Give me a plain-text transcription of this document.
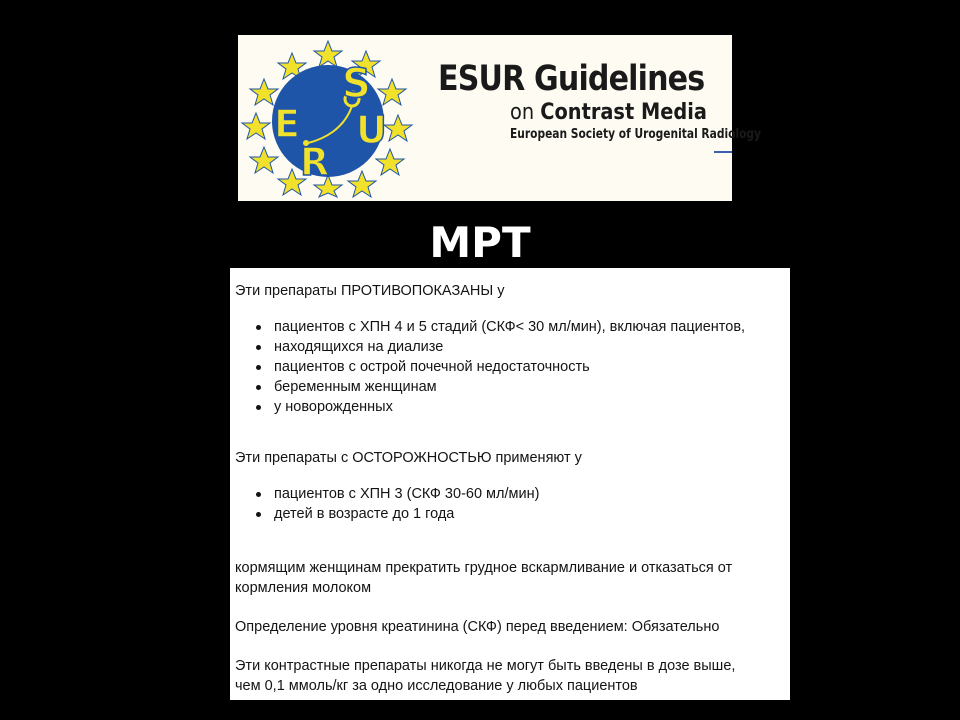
S
E U
R
ESUR Guidelines
on Contrast Media
European Society of Urogenital Radiology
МРТ

Эти препараты ПРОТИВОПОКАЗАНЫ у

пациентов с ХПН 4 и 5 стадий (СКФ< 30 мл/мин), включая пациентов,
находящихся на диализе
пациентов с острой почечной недостаточность
беременным женщинам
у новорожденных

Эти препараты с ОСТОРОЖНОСТЬЮ применяют у

пациентов с ХПН 3 (СКФ 30-60 мл/мин)
детей в возрасте до 1 года

кормящим женщинам прекратить грудное вскармливание и отказаться от

кормления молоком

Определение уровня креатинина (СКФ) перед введением: Обязательно

Эти контрастные препараты никогда не могут быть введены в дозе выше,

чем 0,1 ммоль/кг за одно исследование у любых пациентов
